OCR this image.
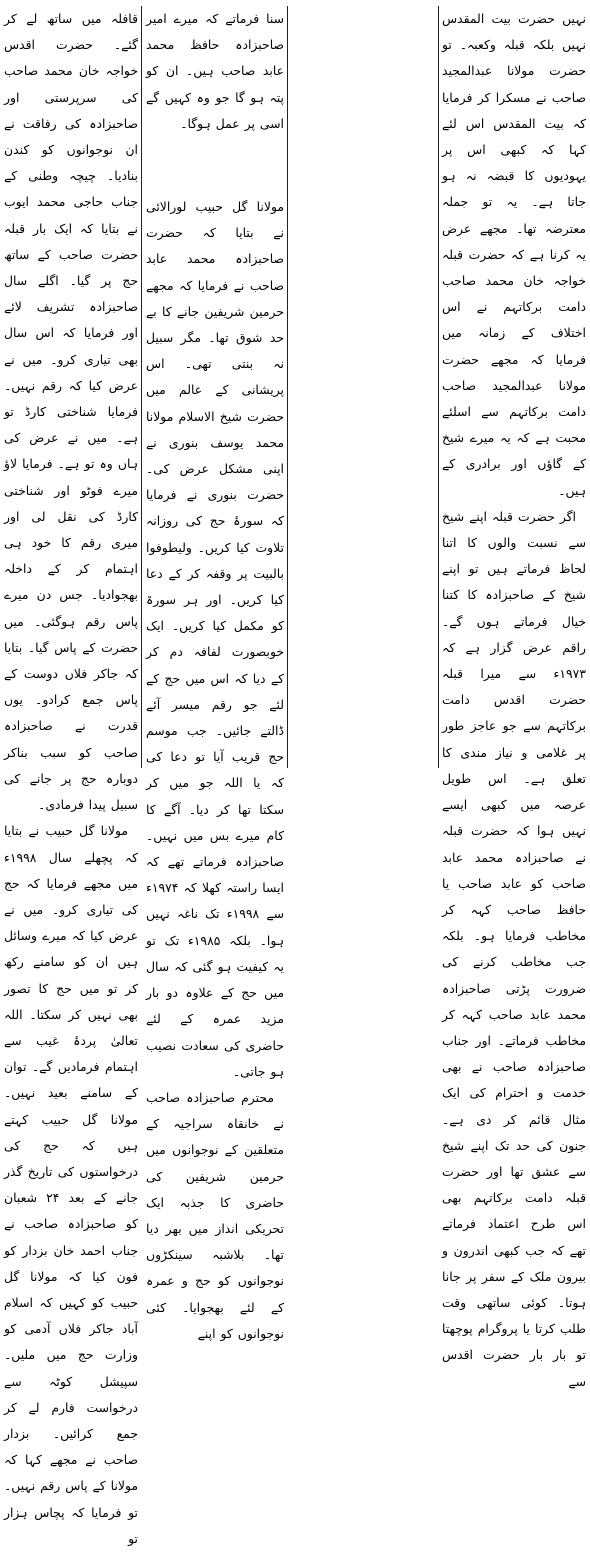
نہیں حضرت بیت المقدس نہیں بلکہ قبلہ وکعبہ۔ تو حضرت مولانا عبدالمجید صاحب نے مسکرا کر فرمایا کہ بیت المقدس اس لئے کہا کہ کبھی اس پر یہودیوں کا قبضہ نہ ہو جاتا ہے۔ یہ تو جملہ معترضہ تھا۔ مجھے عرض یہ کرنا ہے کہ حضرت قبلہ خواجہ خان محمد صاحب دامت برکاتہم نے اس اختلاف کے زمانہ میں فرمایا کہ مجھے حضرت مولانا عبدالمجید صاحب دامت برکاتہم سے اسلئے محبت ہے کہ یہ میرے شیخ کے گاؤں اور برادری کے ہیں۔

اگر حضرت قبلہ اپنے شیخ سے نسبت والوں کا اتنا لحاظ فرماتے ہیں تو اپنے شیخ کے صاحبزادہ کا کتنا خیال فرماتے ہوں گے۔ راقم عرض گزار ہے کہ ۱۹۷۳ء سے میرا قبلہ حضرت اقدس دامت برکاتہم سے جو عاجز طور پر غلامی و نیاز مندی کا تعلق ہے۔ اس طویل عرصہ میں کبھی ایسے نہیں ہوا کہ حضرت قبلہ نے صاحبزادہ محمد عابد صاحب کو عابد صاحب یا حافظ صاحب کہہ کر مخاطب فرمایا ہو۔ بلکہ جب مخاطب کرنے کی ضرورت پڑتی صاحبزادہ محمد عابد صاحب کہہ کر مخاطب فرماتے۔ اور جناب صاحبزادہ صاحب نے بھی خدمت و احترام کی ایک مثال قائم کر دی ہے۔ جنون کی حد تک اپنے شیخ سے عشق تھا اور حضرت قبلہ دامت برکاتہم بھی اس طرح اعتماد فرماتے تھے کہ جب کبھی اندرون و بیرون ملک کے سفر پر جانا ہوتا۔ کوئی ساتھی وقت طلب کرتا یا پروگرام پوچھتا تو بار بار حضرت اقدس سے

سنا فرماتے کہ میرے امیر صاحبزادہ حافظ محمد عابد صاحب ہیں۔ ان کو پتہ ہو گا جو وہ کہیں گے اسی پر عمل ہوگا۔

مولانا گل حبیب لورالائی نے بتایا کہ حضرت صاحبزادہ محمد عابد صاحب نے فرمایا کہ مجھے حرمین شریفین جانے کا بے حد شوق تھا۔ مگر سبیل نہ بنتی تھی۔ اس پریشانی کے عالم میں حضرت شیخ الاسلام مولانا محمد یوسف بنوری نے اپنی مشکل عرض کی۔ حضرت بنوری نے فرمایا کہ سورۂ حج کی روزانہ تلاوت کیا کریں۔ ولیطوفوا بالبیت پر وقفہ کر کے دعا کیا کریں۔ اور ہر سورۃ کو مکمل کیا کریں۔ ایک خوبصورت لفافہ دم کر کے دیا کہ اس میں حج کے لئے جو رقم میسر آئے ڈالتے جائیں۔ جب موسم حج قریب آیا تو دعا کی کہ یا اللہ جو میں کر سکتا تھا کر دیا۔ آگے کا کام میرے بس میں نہیں۔ صاحبزادہ فرماتے تھے کہ ایسا راستہ کھلا کہ ۱۹۷۴ء سے ۱۹۹۸ء تک ناغہ نہیں ہوا۔ بلکہ ۱۹۸۵ء تک تو یہ کیفیت ہو گئی کہ سال میں حج کے علاوہ دو بار مزید عمرہ کے لئے حاضری کی سعادت نصیب ہو جاتی۔

محترم صاحبزادہ صاحب نے خانقاہ سراجیہ کے متعلقین کے نوجوانوں میں حرمین شریفین کی حاضری کا جذبہ ایک تحریکی انداز میں بھر دیا تھا۔ بلاشبہ سینکڑوں نوجوانوں کو حج و عمرہ کے لئے بھجوایا۔ کئی نوجوانوں کو اپنے

قافلہ میں ساتھ لے کر گئے۔ حضرت اقدس خواجہ خان محمد صاحب کی سرپرستی اور صاحبزادہ کی رفاقت نے ان نوجوانوں کو کندن بنادیا۔ چیچہ وطنی کے جناب حاجی محمد ایوب نے بتایا کہ ایک بار قبلہ حضرت صاحب کے ساتھ حج پر گیا۔ اگلے سال صاحبزادہ تشریف لائے اور فرمایا کہ اس سال بھی تیاری کرو۔ میں نے عرض کیا کہ رقم نہیں۔ فرمایا شناختی کارڈ تو ہے۔ میں نے عرض کی ہاں وہ تو ہے۔ فرمایا لاؤ میرے فوٹو اور شناختی کارڈ کی نقل لی اور میری رقم کا خود ہی اہتمام کر کے داخلہ بھجوادیا۔ جس دن میرے پاس رقم ہوگئی۔ میں حضرت کے پاس گیا۔ بتایا کہ جاکر فلاں دوست کے پاس جمع کرادو۔ یوں قدرت نے صاحبزادہ صاحب کو سبب بناکر دوبارہ حج پر جانے کی سبیل پیدا فرمادی۔

مولانا گل حبیب نے بتایا کہ پچھلے سال ۱۹۹۸ء میں مجھے فرمایا کہ حج کی تیاری کرو۔ میں نے عرض کیا کہ میرے وسائل ہیں ان کو سامنے رکھ کر تو میں حج کا تصور بھی نہیں کر سکتا۔ اللہ تعالیٰ پردۂ غیب سے اہتمام فرمادیں گے۔ توان کے سامنے بعید نہیں۔ مولانا گل حبیب کہتے ہیں کہ حج کی درخواستوں کی تاریخ گذر جانے کے بعد ۲۴ شعبان کو صاحبزادہ صاحب نے جناب احمد خان بزدار کو فون کیا کہ مولانا گل حبیب کو کہیں کہ اسلام آباد جاکر فلاں آدمی کو وزارت حج میں ملیں۔ سپیشل کوٹہ سے درخواست فارم لے کر جمع کرائیں۔ بزدار صاحب نے مجھے کہا کہ مولانا کے پاس رقم نہیں۔ تو فرمایا کہ پچاس ہزار تو
